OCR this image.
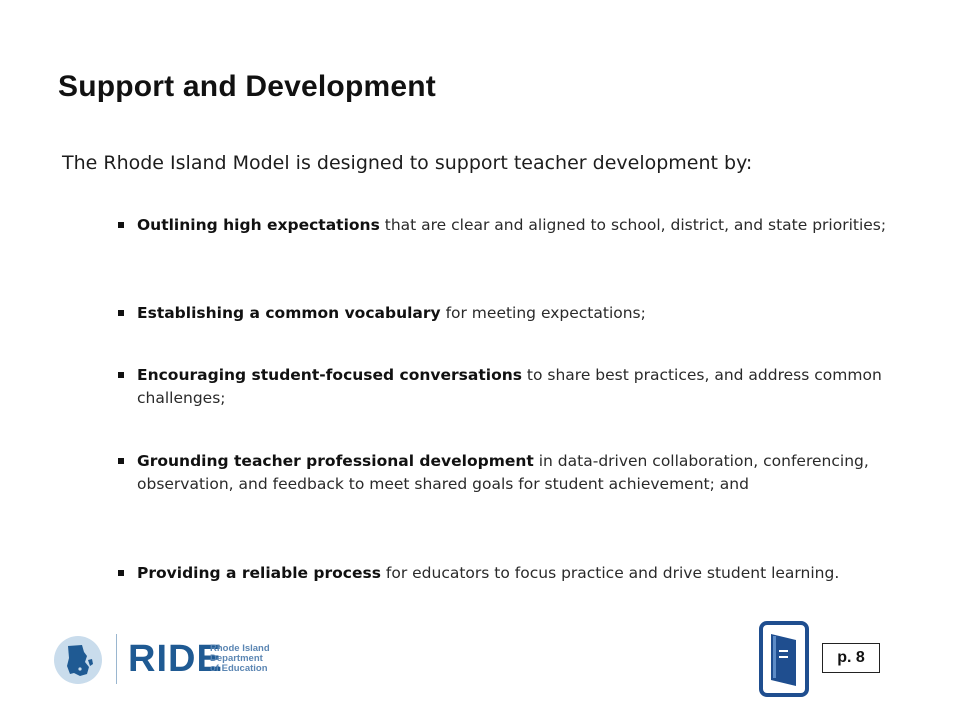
Support and Development
The Rhode Island Model is designed to support teacher development by:
Outlining high expectations that are clear and aligned to school, district, and state priorities;
Establishing a common vocabulary for meeting expectations;
Encouraging student-focused conversations to share best practices, and address common challenges;
Grounding teacher professional development in data-driven collaboration, conferencing, observation, and feedback to meet shared goals for student achievement; and
Providing a reliable process for educators to focus practice and drive student learning.
RIDE
Rhode Island
Department
of Education
p. 8
